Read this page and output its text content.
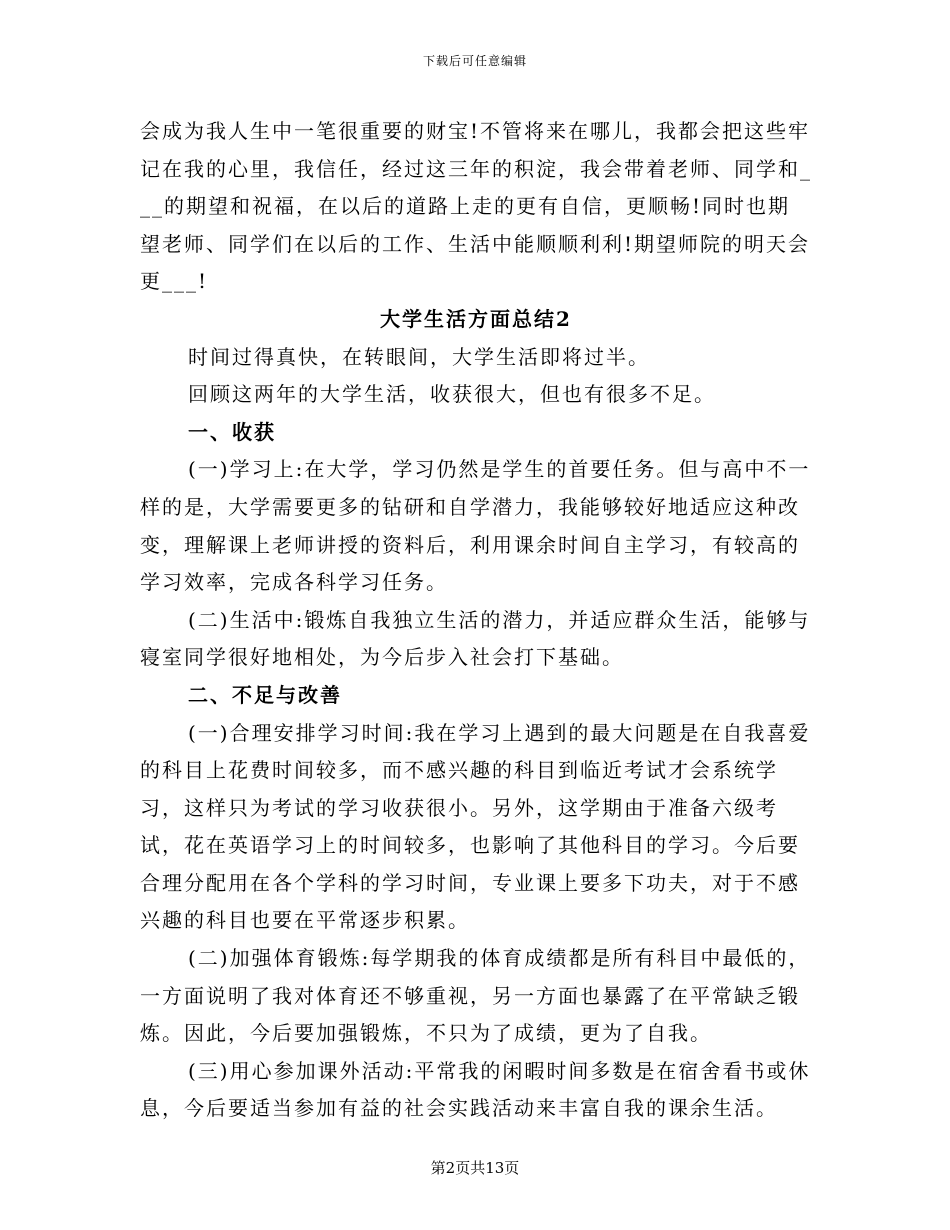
下载后可任意编辑

会成为我人生中一笔很重要的财宝!不管将来在哪儿，我都会把这些牢记在我的心里，我信任，经过这三年的积淀，我会带着老师、同学和___的期望和祝福，在以后的道路上走的更有自信，更顺畅!同时也期望老师、同学们在以后的工作、生活中能顺顺利利!期望师院的明天会更___!

大学生活方面总结2

时间过得真快，在转眼间，大学生活即将过半。

回顾这两年的大学生活，收获很大，但也有很多不足。

一、收获

(一)学习上:在大学，学习仍然是学生的首要任务。但与高中不一样的是，大学需要更多的钻研和自学潜力，我能够较好地适应这种改变，理解课上老师讲授的资料后，利用课余时间自主学习，有较高的学习效率，完成各科学习任务。

(二)生活中:锻炼自我独立生活的潜力，并适应群众生活，能够与寝室同学很好地相处，为今后步入社会打下基础。

二、不足与改善

(一)合理安排学习时间:我在学习上遇到的最大问题是在自我喜爱的科目上花费时间较多，而不感兴趣的科目到临近考试才会系统学习，这样只为考试的学习收获很小。另外，这学期由于准备六级考试，花在英语学习上的时间较多，也影响了其他科目的学习。今后要合理分配用在各个学科的学习时间，专业课上要多下功夫，对于不感兴趣的科目也要在平常逐步积累。

(二)加强体育锻炼:每学期我的体育成绩都是所有科目中最低的，一方面说明了我对体育还不够重视，另一方面也暴露了在平常缺乏锻炼。因此，今后要加强锻炼，不只为了成绩，更为了自我。

(三)用心参加课外活动:平常我的闲暇时间多数是在宿舍看书或休息，今后要适当参加有益的社会实践活动来丰富自我的课余生活。

第2页共13页
